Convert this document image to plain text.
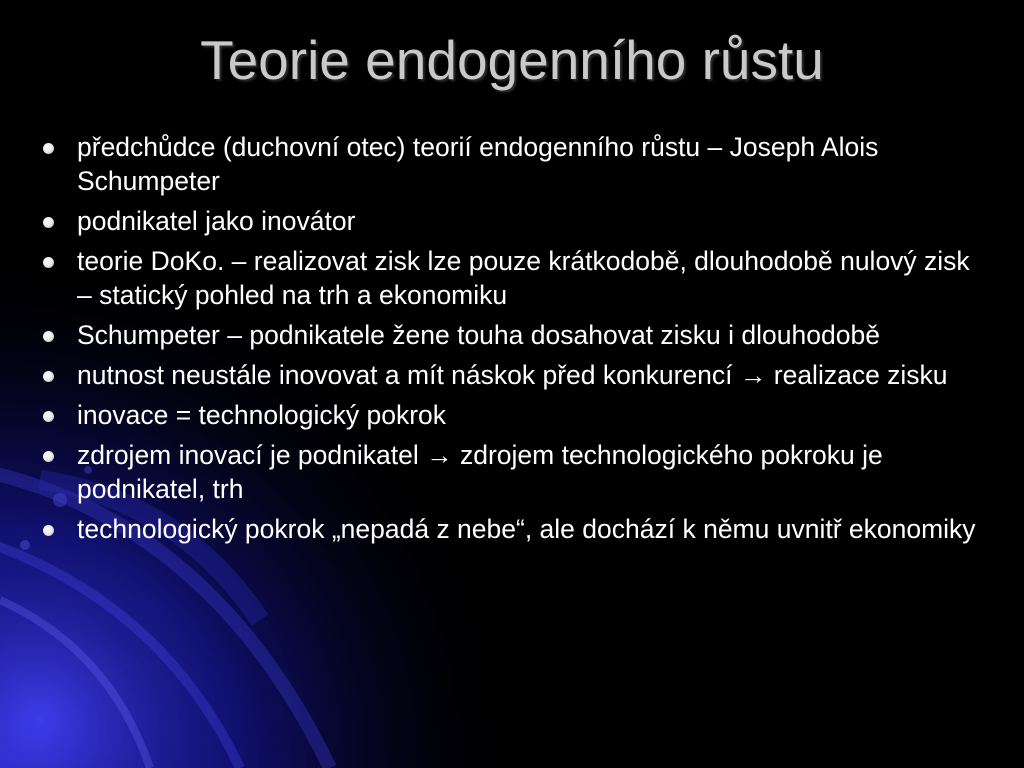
Teorie endogenního růstu
předchůdce (duchovní otec) teorií endogenního růstu – Joseph Alois Schumpeter
podnikatel jako inovátor
teorie DoKo. – realizovat zisk lze pouze krátkodobě, dlouhodobě nulový zisk – statický pohled na trh a ekonomiku
Schumpeter – podnikatele žene touha dosahovat zisku i dlouhodobě
nutnost neustále inovovat a mít náskok před konkurencí → realizace zisku
inovace = technologický pokrok
zdrojem inovací je podnikatel → zdrojem technologického pokroku je podnikatel, trh
technologický pokrok „nepadá z nebe“, ale dochází k němu uvnitř ekonomiky
